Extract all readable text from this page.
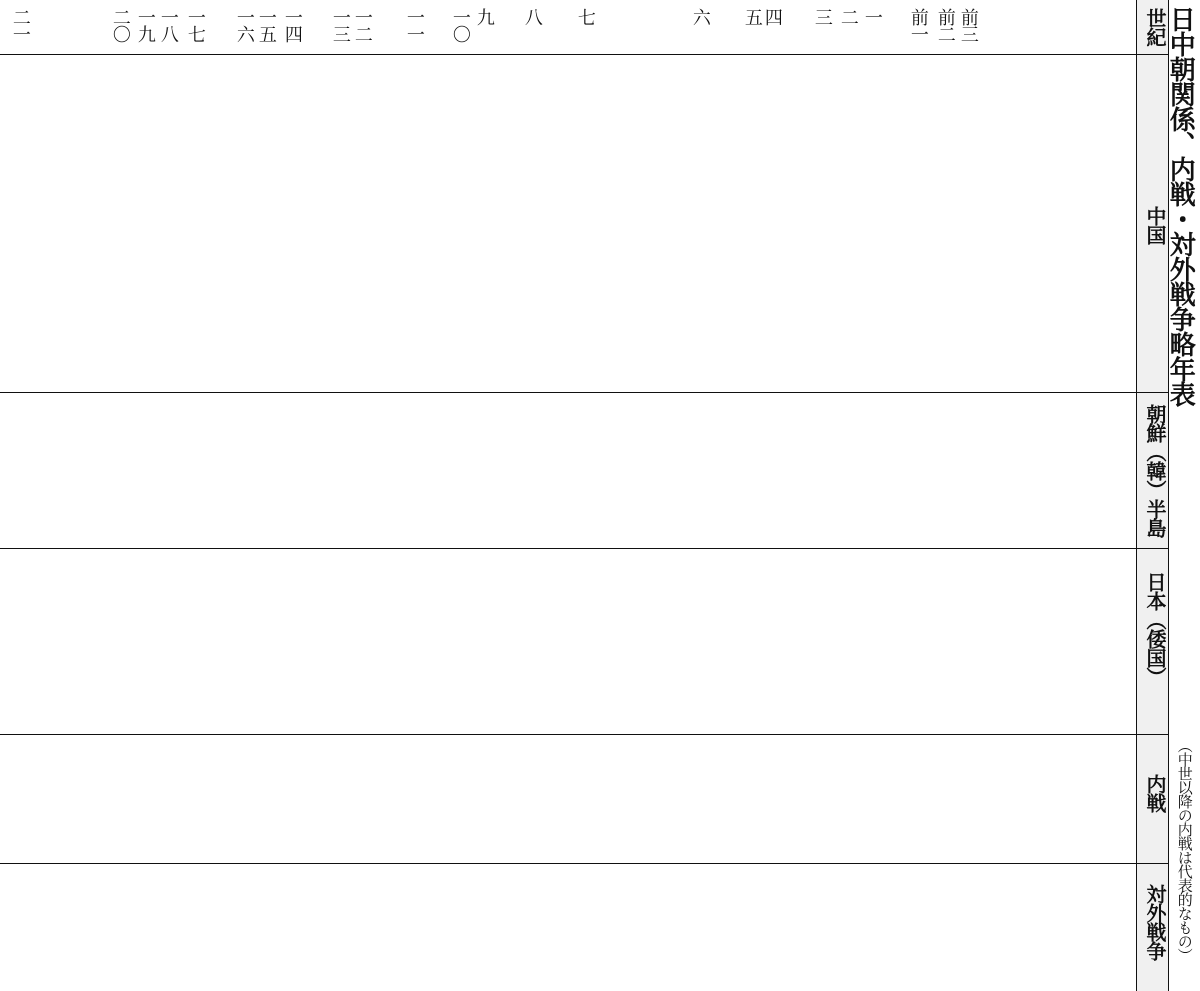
世紀
中国
朝鮮（韓）半島
日本（倭国）
内戦
対外戦争
日中朝関係、内戦・対外戦争略年表
（中世以降の内戦は代表的なもの）
前三
前二
前一
一
二
三
四
五
六
七
八
九
一〇
一一
一二
一三
一四
一五
一六
一七
一八
一九
二〇
二一
